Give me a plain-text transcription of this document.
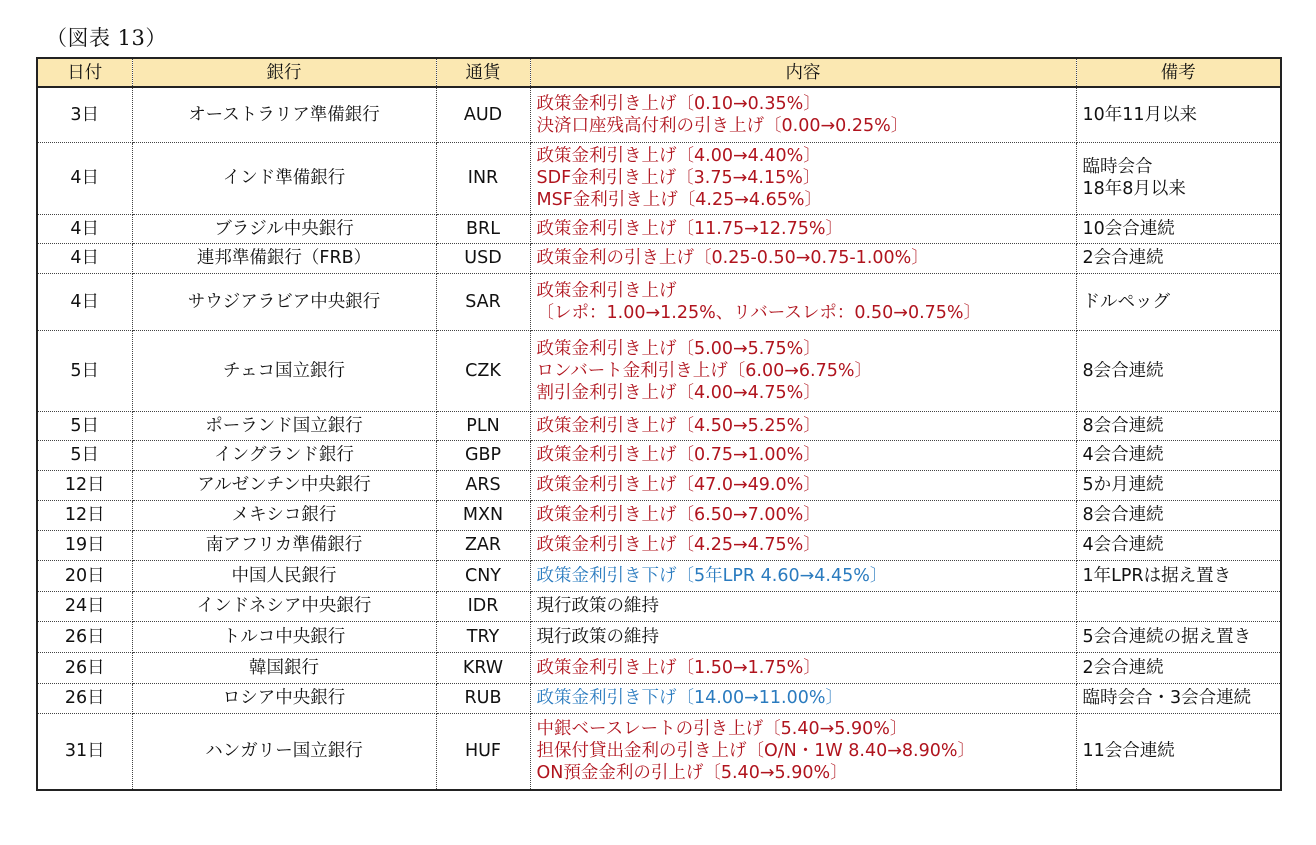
（図表 13）
日付	銀行	通貨	内容	備考
3日	オーストラリア準備銀行	AUD	政策金利引き上げ〔0.10→0.35%〕
決済口座残高付利の引き上げ〔0.00→0.25%〕	10年11月以来

4日	インド準備銀行	INR	政策金利引き上げ〔4.00→4.40%〕
SDF金利引き上げ〔3.75→4.15%〕
MSF金利引き上げ〔4.25→4.65%〕	臨時会合
18年8月以来

4日	ブラジル中央銀行	BRL	政策金利引き上げ〔11.75→12.75%〕	10会合連続

4日	連邦準備銀行（FRB）	USD	政策金利の引き上げ〔0.25-0.50→0.75-1.00%〕	2会合連続

4日	サウジアラビア中央銀行	SAR	政策金利引き上げ
〔レポ：1.00→1.25%、リバースレポ：0.50→0.75%〕	ドルペッグ

5日	チェコ国立銀行	CZK	政策金利引き上げ〔5.00→5.75%〕
ロンバート金利引き上げ〔6.00→6.75%〕
割引金利引き上げ〔4.00→4.75%〕	8会合連続

5日	ポーランド国立銀行	PLN	政策金利引き上げ〔4.50→5.25%〕	8会合連続

5日	イングランド銀行	GBP	政策金利引き上げ〔0.75→1.00%〕	4会合連続

12日	アルゼンチン中央銀行	ARS	政策金利引き上げ〔47.0→49.0%〕	5か月連続

12日	メキシコ銀行	MXN	政策金利引き上げ〔6.50→7.00%〕	8会合連続

19日	南アフリカ準備銀行	ZAR	政策金利引き上げ〔4.25→4.75%〕	4会合連続

20日	中国人民銀行	CNY	政策金利引き下げ〔5年LPR 4.60→4.45%〕	1年LPRは据え置き

24日	インドネシア中央銀行	IDR	現行政策の維持	

26日	トルコ中央銀行	TRY	現行政策の維持	5会合連続の据え置き

26日	韓国銀行	KRW	政策金利引き上げ〔1.50→1.75%〕	2会合連続

26日	ロシア中央銀行	RUB	政策金利引き下げ〔14.00→11.00%〕	臨時会合・3会合連続

31日	ハンガリー国立銀行	HUF	中銀ベースレートの引き上げ〔5.40→5.90%〕
担保付貸出金利の引き上げ〔O/N・1W 8.40→8.90%〕
ON預金金利の引上げ〔5.40→5.90%〕	11会合連続
